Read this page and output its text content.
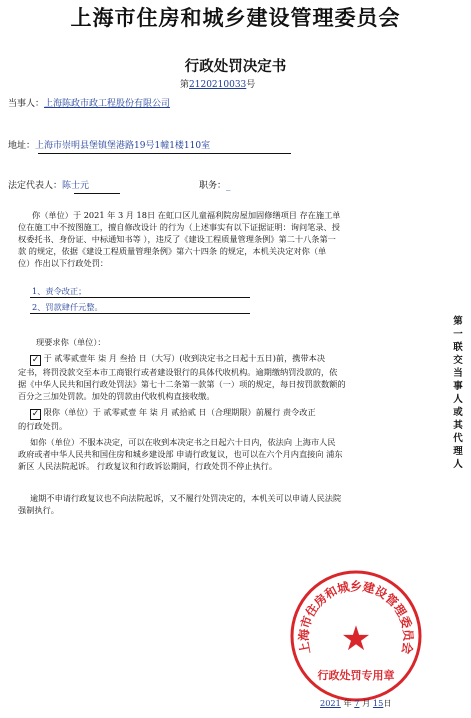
上海市住房和城乡建设管理委员会
行政处罚决定书
第2120210033号
当事人：上海陈政市政工程股份有限公司
地址：上海市崇明县堡镇堡港路19号1幢1楼110室
法定代表人：陈士元	职务：_
你（单位）于 2021 年 3 月 18日 在虹口区儿童福利院房屋加固修缮项目 存在施工单
位在施工中不按图施工，擅自修改设计 的行为（上述事实有以下证据证明：询问笔录、授
权委托书、身份证、中标通知书等 ），违反了《建设工程质量管理条例》第二十八条第一
款 的规定，依据《建设工程质量管理条例》第六十四条 的规定，本机关决定对你（单
位）作出以下行政处罚：
1、责令改正；
2、罚款肆仟元整。
现要求你（单位）：
✓ 于 贰零贰壹年 柒 月 叁拾 日（大写）(收到决定书之日起十五日)前，携带本决
定书，将罚没款交至本市工商银行或者建设银行的具体代收机构。逾期缴纳罚没款的，依
据《中华人民共和国行政处罚法》第七十二条第一款第（一）项的规定，每日按罚款数额的
百分之三加处罚款。加处的罚款由代收机构直接收缴。
✓ 限你（单位）于 贰零贰壹 年 柒 月 贰拾贰 日（合理期限）前履行 责令改正
的行政处罚。
如你（单位）不服本决定，可以在收到本决定书之日起六十日内，依法向 上海市人民
政府或者中华人民共和国住房和城乡建设部 申请行政复议，也可以在六个月内直接向 浦东
新区 人民法院起诉。 行政复议和行政诉讼期间，行政处罚不停止执行。
逾期不申请行政复议也不向法院起诉，又不履行处罚决定的，本机关可以申请人民法院
强制执行。
第一联 交当事人或其代理人
上海市住房和城乡建设管理委员会
★
行政处罚专用章
2021 年 7 月 15日
